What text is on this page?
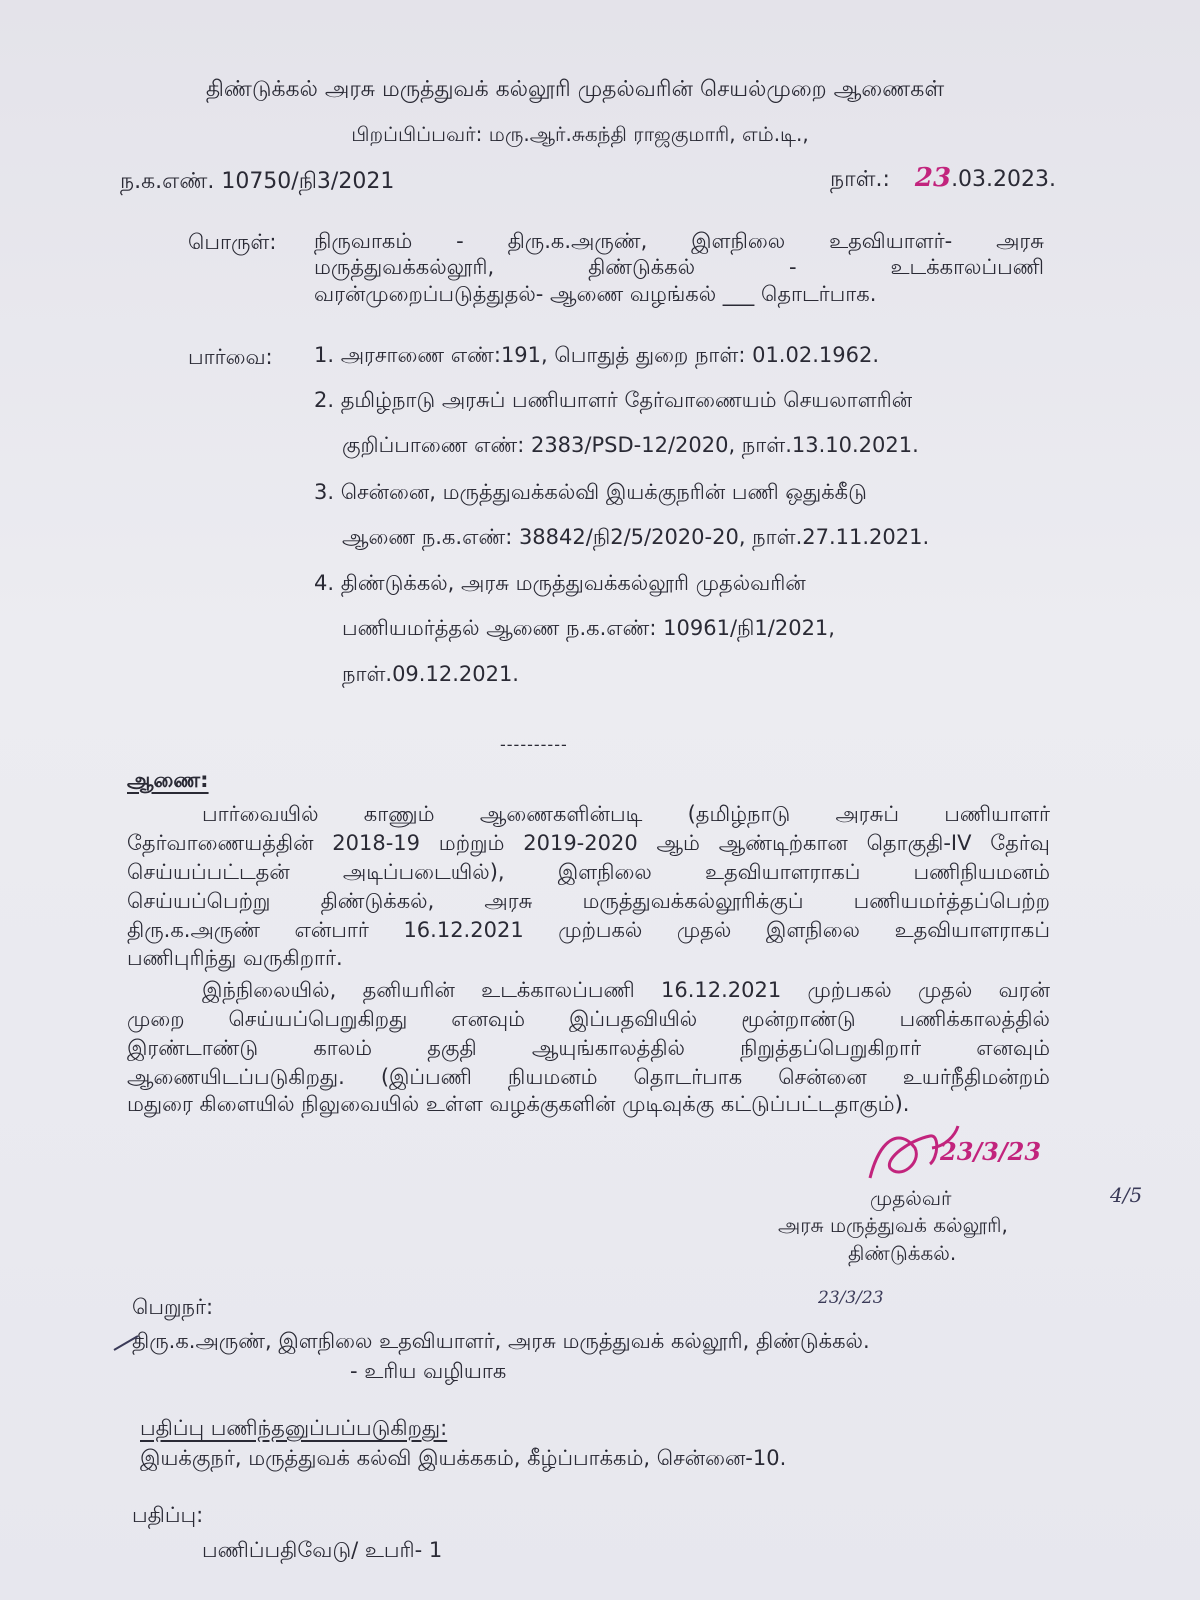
திண்டுக்கல் அரசு மருத்துவக் கல்லூரி முதல்வரின் செயல்முறை ஆணைகள்
பிறப்பிப்பவர்: மரு.ஆர்.சுகந்தி ராஜகுமாரி, எம்.டி.,
ந.க.எண். 10750/நி3/2021	நாள்.: 23.03.2023.
பொருள்: நிருவாகம் - திரு.க.அருண், இளநிலை உதவியாளர்- அரசு
மருத்துவக்கல்லூரி,	திண்டுக்கல்	-	உடக்காலப்பணி
வரன்முறைப்படுத்துதல்- ஆணை வழங்கல் ___ தொடர்பாக.
பார்வை: 1. அரசாணை எண்:191, பொதுத் துறை நாள்: 01.02.1962.
2. தமிழ்நாடு அரசுப் பணியாளர் தேர்வாணையம் செயலாளரின்
குறிப்பாணை எண்: 2383/PSD-12/2020, நாள்.13.10.2021.
3. சென்னை, மருத்துவக்கல்வி இயக்குநரின் பணி ஒதுக்கீடு
ஆணை ந.க.எண்: 38842/நி2/5/2020-20, நாள்.27.11.2021.
4. திண்டுக்கல், அரசு மருத்துவக்கல்லூரி முதல்வரின்
பணியமர்த்தல் ஆணை ந.க.எண்: 10961/நி1/2021,
நாள்.09.12.2021.
----------
ஆணை:
பார்வையில் காணும் ஆணைகளின்படி (தமிழ்நாடு அரசுப் பணியாளர்
தேர்வாணையத்தின் 2018-19 மற்றும் 2019-2020 ஆம் ஆண்டிற்கான தொகுதி-IV தேர்வு
செய்யப்பட்டதன்	அடிப்படையில்),	இளநிலை	உதவியாளராகப்	பணிநியமனம்
செய்யப்பெற்று திண்டுக்கல், அரசு மருத்துவக்கல்லூரிக்குப் பணியமர்த்தப்பெற்ற
திரு.க.அருண் என்பார் 16.12.2021 முற்பகல் முதல் இளநிலை உதவியாளராகப்
பணிபுரிந்து வருகிறார்.
இந்நிலையில், தனியரின் உடக்காலப்பணி 16.12.2021 முற்பகல் முதல் வரன்
முறை செய்யப்பெறுகிறது எனவும் இப்பதவியில் மூன்றாண்டு பணிக்காலத்தில்
இரண்டாண்டு	காலம்	தகுதி	ஆயுங்காலத்தில்	நிறுத்தப்பெறுகிறார்	எனவும்
ஆணையிடப்படுகிறது. (இப்பணி நியமனம் தொடர்பாக சென்னை உயர்நீதிமன்றம்
மதுரை கிளையில் நிலுவையில் உள்ள வழக்குகளின் முடிவுக்கு கட்டுப்பட்டதாகும்).
23/3/23
முதல்வர்
அரசு மருத்துவக் கல்லூரி,
திண்டுக்கல்.
4/5
23/3/23
பெறுநர்:
திரு.க.அருண், இளநிலை உதவியாளர், அரசு மருத்துவக் கல்லூரி, திண்டுக்கல்.
- உரிய வழியாக
பதிப்பு பணிந்தனுப்பப்படுகிறது:
இயக்குநர், மருத்துவக் கல்வி இயக்ககம், கீழ்ப்பாக்கம், சென்னை-10.
பதிப்பு:
பணிப்பதிவேடு/ உபரி- 1
